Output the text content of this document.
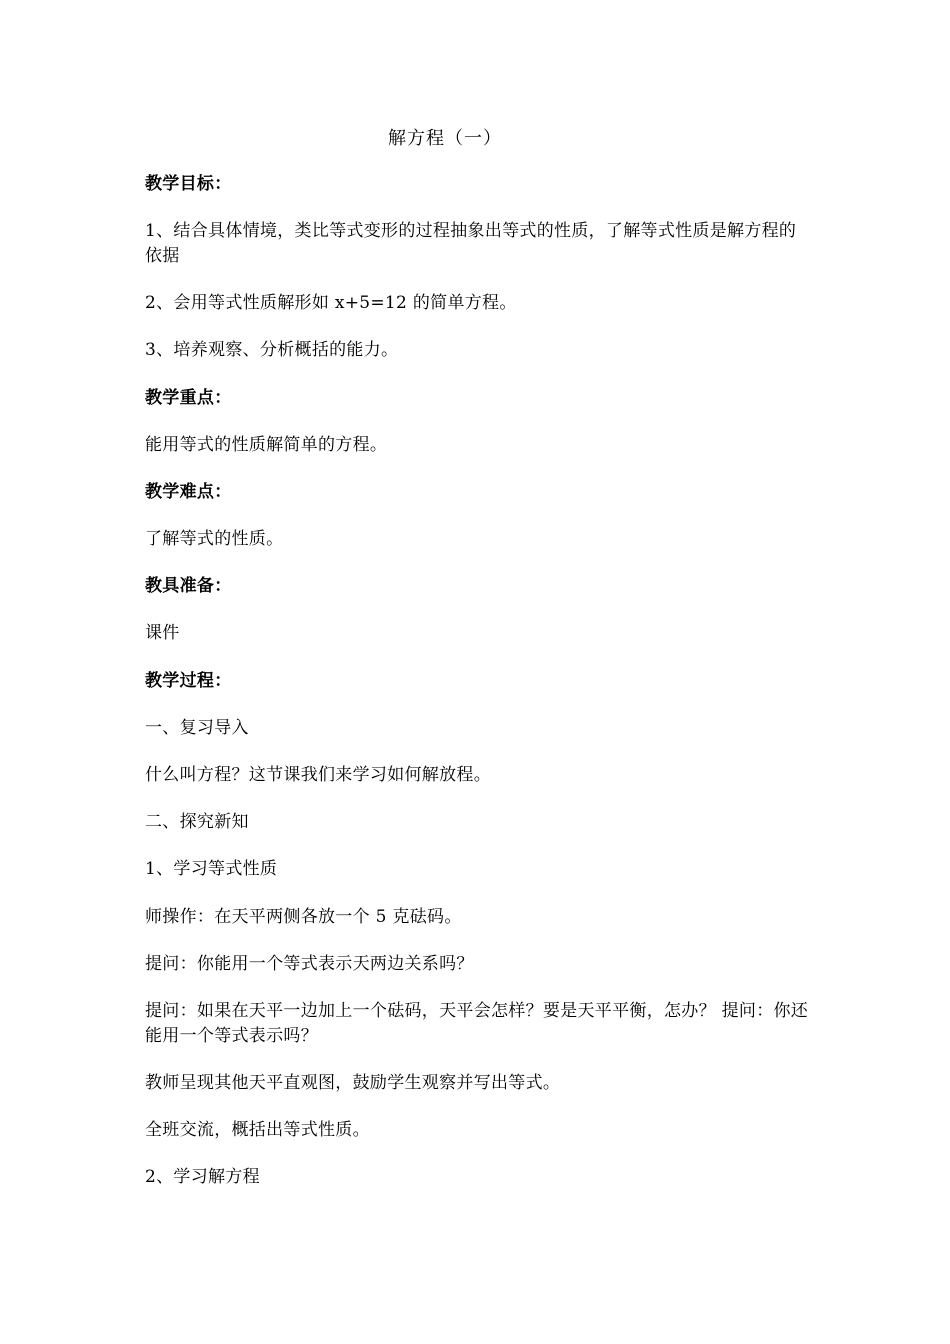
解方程（一）

教学目标：

1、结合具体情境，类比等式变形的过程抽象出等式的性质，了解等式性质是解方程的依据

2、会用等式性质解形如 x+5=12 的简单方程。

3、培养观察、分析概括的能力。

教学重点：

能用等式的性质解简单的方程。

教学难点：

了解等式的性质。

教具准备：

课件

教学过程：

一、复习导入

什么叫方程？这节课我们来学习如何解放程。

二、探究新知

1、学习等式性质

师操作：在天平两侧各放一个 5 克砝码。

提问：你能用一个等式表示天两边关系吗？

提问：如果在天平一边加上一个砝码，天平会怎样？要是天平平衡，怎办？ 提问：你还能用一个等式表示吗？

教师呈现其他天平直观图，鼓励学生观察并写出等式。

全班交流，概括出等式性质。

2、学习解方程
